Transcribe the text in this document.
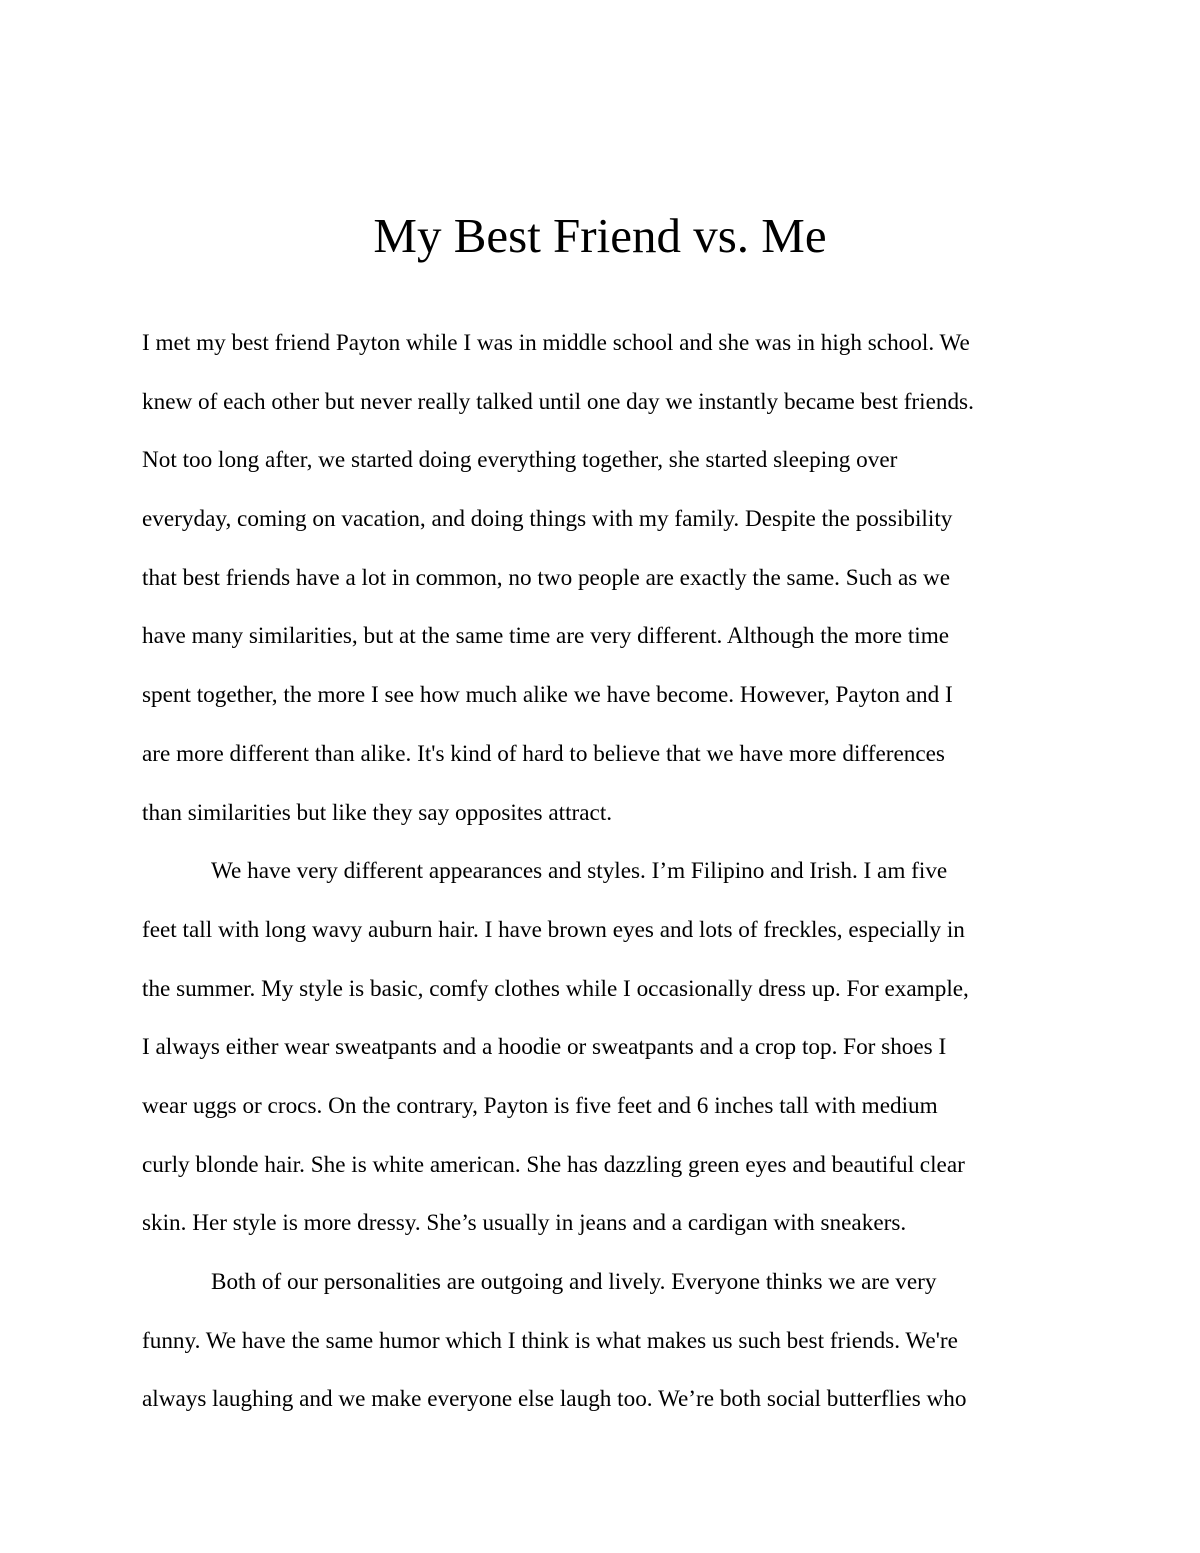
My Best Friend vs. Me
I met my best friend Payton while I was in middle school and she was in high school. We
knew of each other but never really talked until one day we instantly became best friends.
Not too long after, we started doing everything together, she started sleeping over
everyday, coming on vacation, and doing things with my family. Despite the possibility
that best friends have a lot in common, no two people are exactly the same. Such as we
have many similarities, but at the same time are very different. Although the more time
spent together, the more I see how much alike we have become. However, Payton and I
are more different than alike. It's kind of hard to believe that we have more differences
than similarities but like they say opposites attract.
We have very different appearances and styles. I’m Filipino and Irish. I am five
feet tall with long wavy auburn hair. I have brown eyes and lots of freckles, especially in
the summer. My style is basic, comfy clothes while I occasionally dress up. For example,
I always either wear sweatpants and a hoodie or sweatpants and a crop top. For shoes I
wear uggs or crocs. On the contrary, Payton is five feet and 6 inches tall with medium
curly blonde hair. She is white american. She has dazzling green eyes and beautiful clear
skin. Her style is more dressy. She’s usually in jeans and a cardigan with sneakers.
Both of our personalities are outgoing and lively. Everyone thinks we are very
funny. We have the same humor which I think is what makes us such best friends. We're
always laughing and we make everyone else laugh too. We’re both social butterflies who
